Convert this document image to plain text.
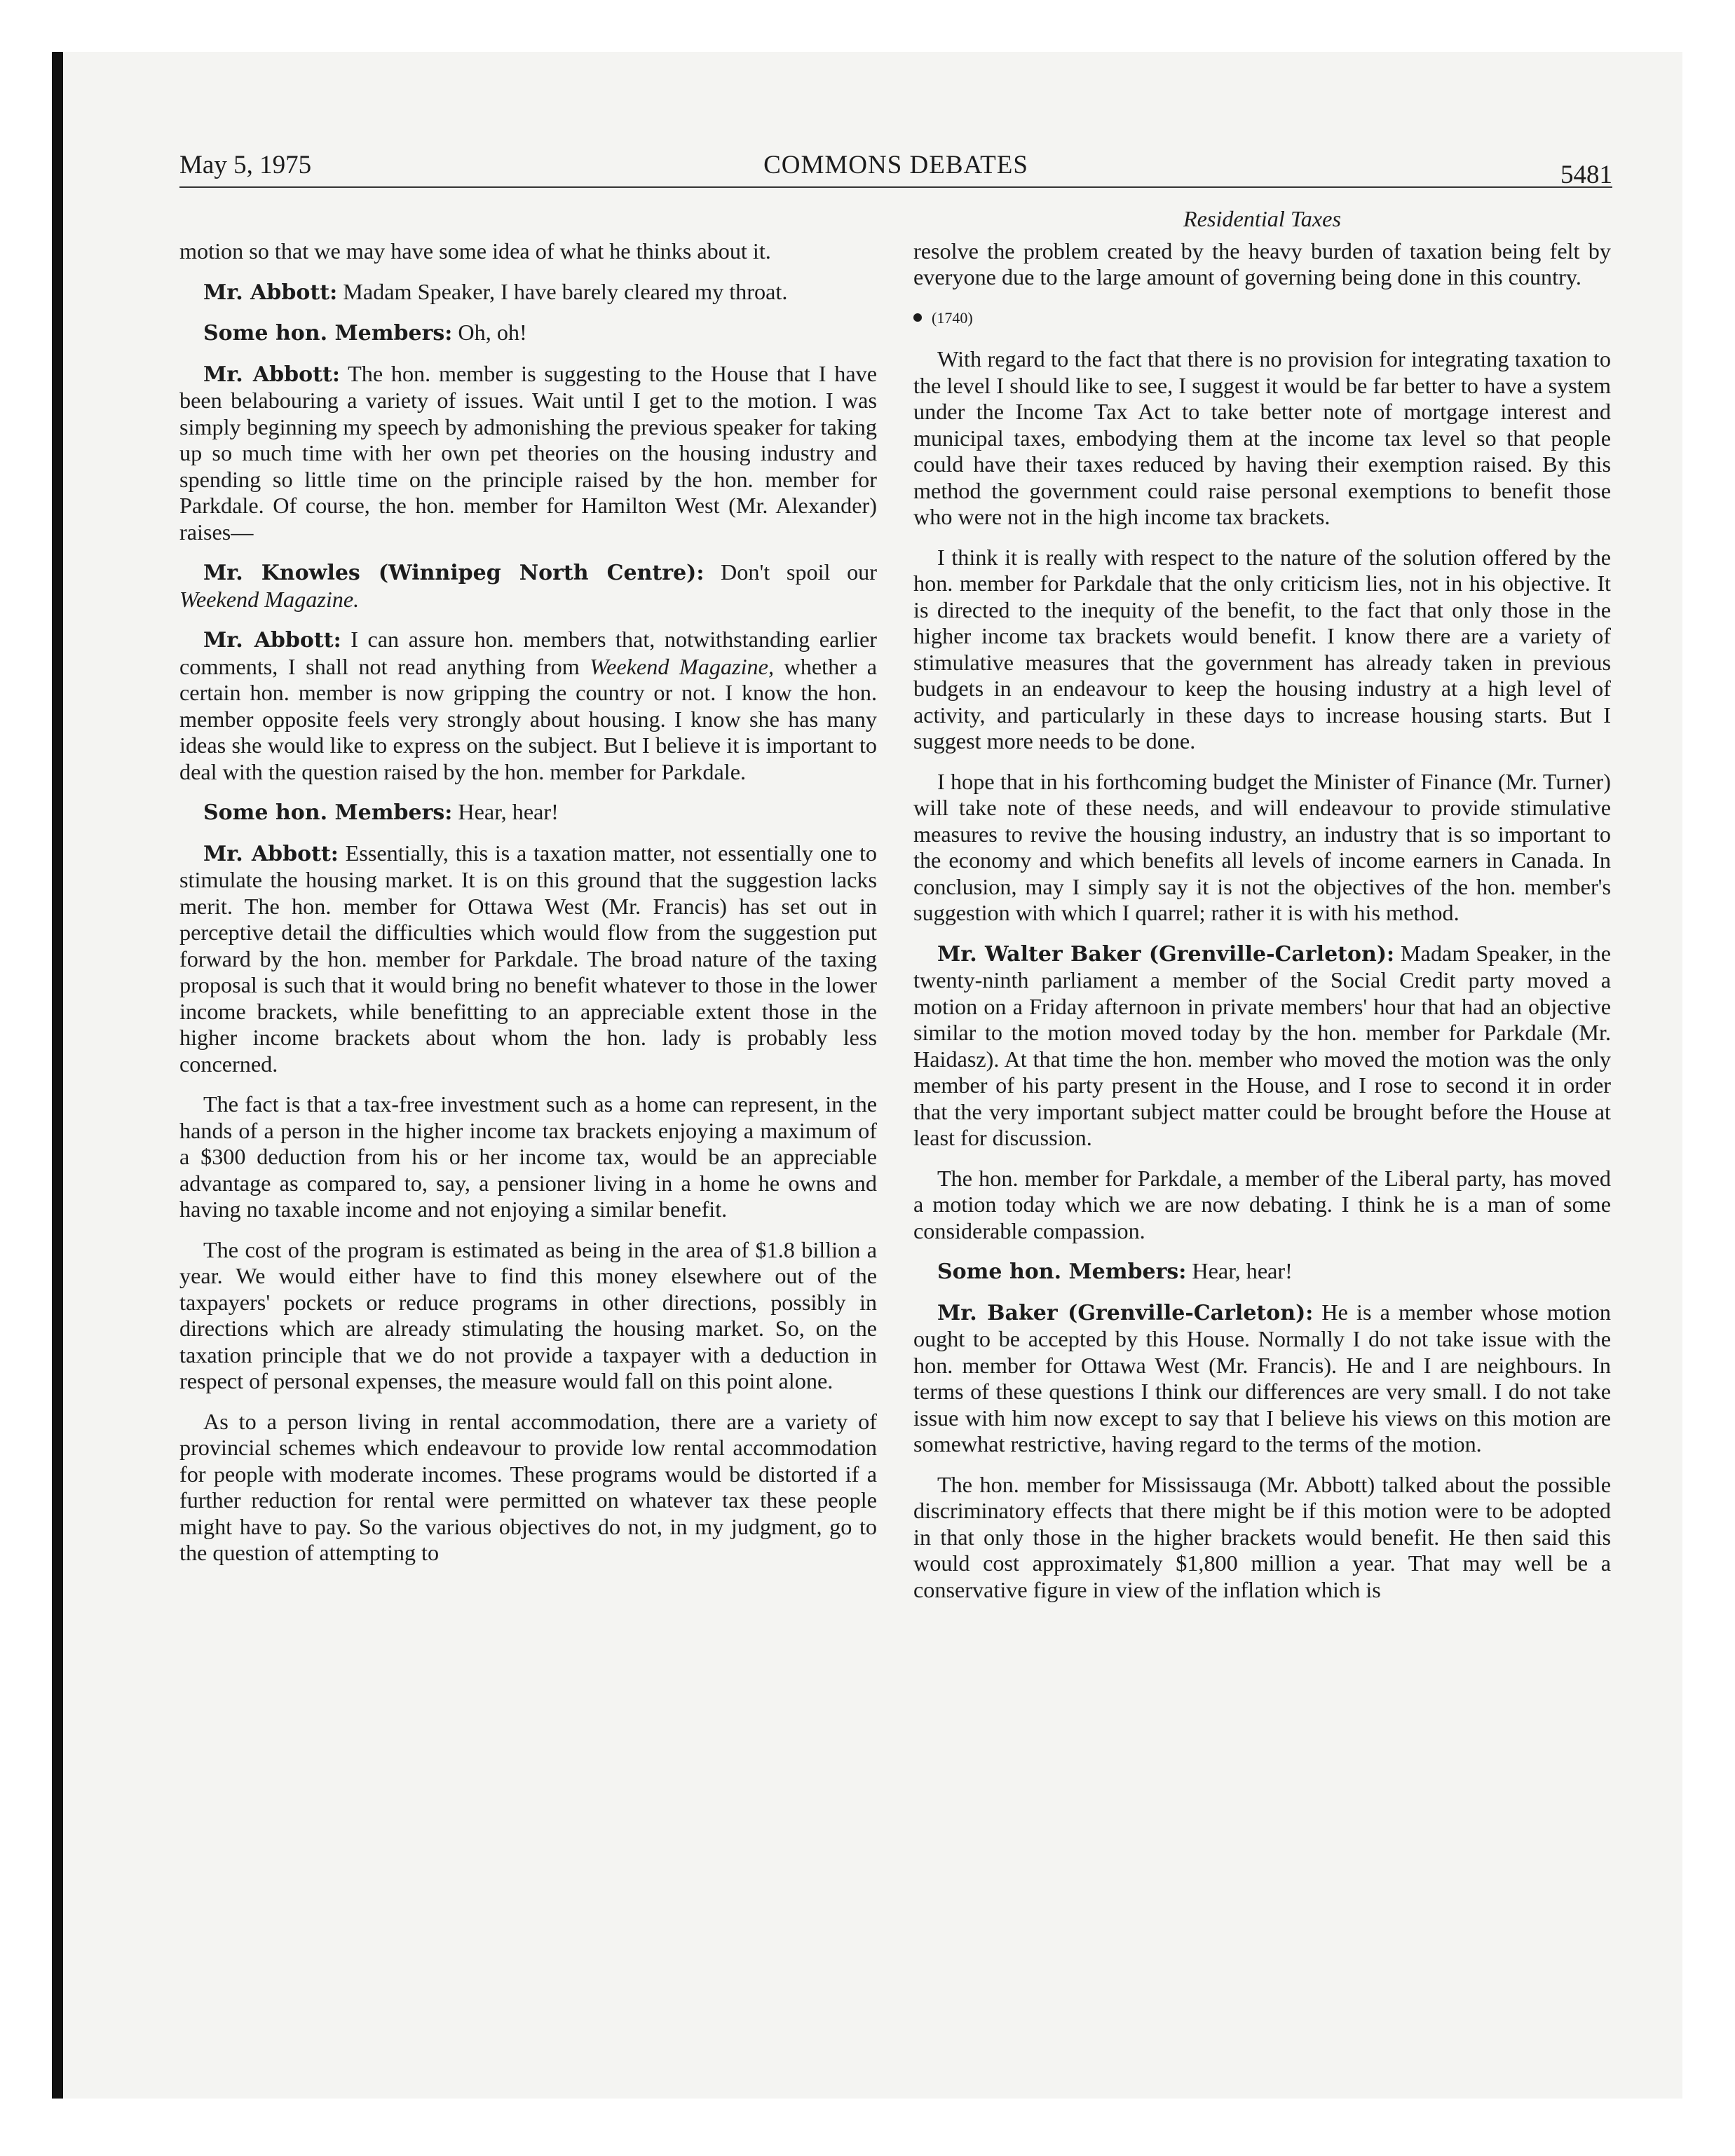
May 5, 1975	COMMONS DEBATES	5481

motion so that we may have some idea of what he thinks about it.

Mr. Abbott: Madam Speaker, I have barely cleared my throat.

Some hon. Members: Oh, oh!

Mr. Abbott: The hon. member is suggesting to the House that I have been belabouring a variety of issues. Wait until I get to the motion. I was simply beginning my speech by admonishing the previous speaker for taking up so much time with her own pet theories on the housing industry and spending so little time on the principle raised by the hon. member for Parkdale. Of course, the hon. member for Hamilton West (Mr. Alexander) raises—

Mr. Knowles (Winnipeg North Centre): Don't spoil our Weekend Magazine.

Mr. Abbott: I can assure hon. members that, notwithstanding earlier comments, I shall not read anything from Weekend Magazine, whether a certain hon. member is now gripping the country or not. I know the hon. member opposite feels very strongly about housing. I know she has many ideas she would like to express on the subject. But I believe it is important to deal with the question raised by the hon. member for Parkdale.

Some hon. Members: Hear, hear!

Mr. Abbott: Essentially, this is a taxation matter, not essentially one to stimulate the housing market. It is on this ground that the suggestion lacks merit. The hon. member for Ottawa West (Mr. Francis) has set out in perceptive detail the difficulties which would flow from the suggestion put forward by the hon. member for Parkdale. The broad nature of the taxing proposal is such that it would bring no benefit whatever to those in the lower income brackets, while benefitting to an appreciable extent those in the higher income brackets about whom the hon. lady is probably less concerned.

The fact is that a tax-free investment such as a home can represent, in the hands of a person in the higher income tax brackets enjoying a maximum of a $300 deduction from his or her income tax, would be an appreciable advantage as compared to, say, a pensioner living in a home he owns and having no taxable income and not enjoying a similar benefit.

The cost of the program is estimated as being in the area of $1.8 billion a year. We would either have to find this money elsewhere out of the taxpayers' pockets or reduce programs in other directions, possibly in directions which are already stimulating the housing market. So, on the taxation principle that we do not provide a taxpayer with a deduction in respect of personal expenses, the measure would fall on this point alone.

As to a person living in rental accommodation, there are a variety of provincial schemes which endeavour to provide low rental accommodation for people with moderate incomes. These programs would be distorted if a further reduction for rental were permitted on whatever tax these people might have to pay. So the various objectives do not, in my judgment, go to the question of attempting to

Residential Taxes

resolve the problem created by the heavy burden of taxation being felt by everyone due to the large amount of governing being done in this country.

(1740)

With regard to the fact that there is no provision for integrating taxation to the level I should like to see, I suggest it would be far better to have a system under the Income Tax Act to take better note of mortgage interest and municipal taxes, embodying them at the income tax level so that people could have their taxes reduced by having their exemption raised. By this method the government could raise personal exemptions to benefit those who were not in the high income tax brackets.

I think it is really with respect to the nature of the solution offered by the hon. member for Parkdale that the only criticism lies, not in his objective. It is directed to the inequity of the benefit, to the fact that only those in the higher income tax brackets would benefit. I know there are a variety of stimulative measures that the government has already taken in previous budgets in an endeavour to keep the housing industry at a high level of activity, and particularly in these days to increase housing starts. But I suggest more needs to be done.

I hope that in his forthcoming budget the Minister of Finance (Mr. Turner) will take note of these needs, and will endeavour to provide stimulative measures to revive the housing industry, an industry that is so important to the economy and which benefits all levels of income earners in Canada. In conclusion, may I simply say it is not the objectives of the hon. member's suggestion with which I quarrel; rather it is with his method.

Mr. Walter Baker (Grenville-Carleton): Madam Speaker, in the twenty-ninth parliament a member of the Social Credit party moved a motion on a Friday afternoon in private members' hour that had an objective similar to the motion moved today by the hon. member for Parkdale (Mr. Haidasz). At that time the hon. member who moved the motion was the only member of his party present in the House, and I rose to second it in order that the very important subject matter could be brought before the House at least for discussion.

The hon. member for Parkdale, a member of the Liberal party, has moved a motion today which we are now debating. I think he is a man of some considerable compassion.

Some hon. Members: Hear, hear!

Mr. Baker (Grenville-Carleton): He is a member whose motion ought to be accepted by this House. Normally I do not take issue with the hon. member for Ottawa West (Mr. Francis). He and I are neighbours. In terms of these questions I think our differences are very small. I do not take issue with him now except to say that I believe his views on this motion are somewhat restrictive, having regard to the terms of the motion.

The hon. member for Mississauga (Mr. Abbott) talked about the possible discriminatory effects that there might be if this motion were to be adopted in that only those in the higher brackets would benefit. He then said this would cost approximately $1,800 million a year. That may well be a conservative figure in view of the inflation which is
